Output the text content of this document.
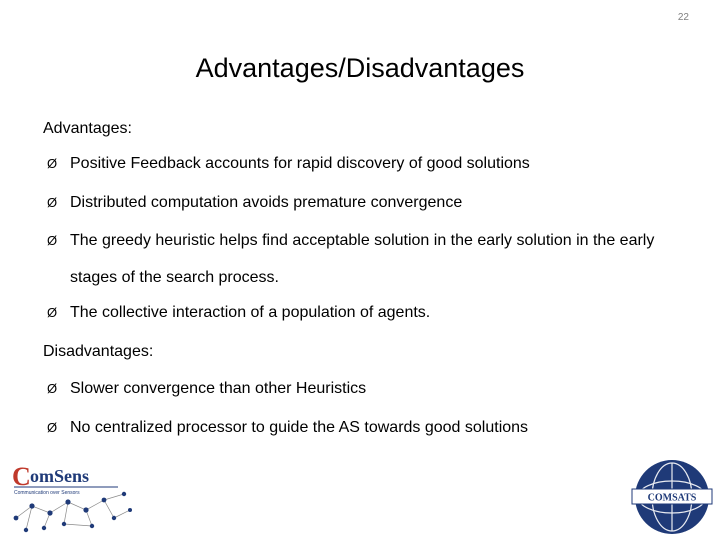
22
Advantages/Disadvantages
Advantages:
Ø Positive Feedback accounts for rapid discovery of good solutions
Ø Distributed computation avoids premature convergence
Ø The greedy heuristic helps find acceptable solution in the early solution in the early stages of the search process.
Ø The collective interaction of a population of agents.
Disadvantages:
Ø Slower convergence than other Heuristics
Ø No centralized processor to guide the AS towards good solutions
C omSens
Communication over Sensors	COMSATS
